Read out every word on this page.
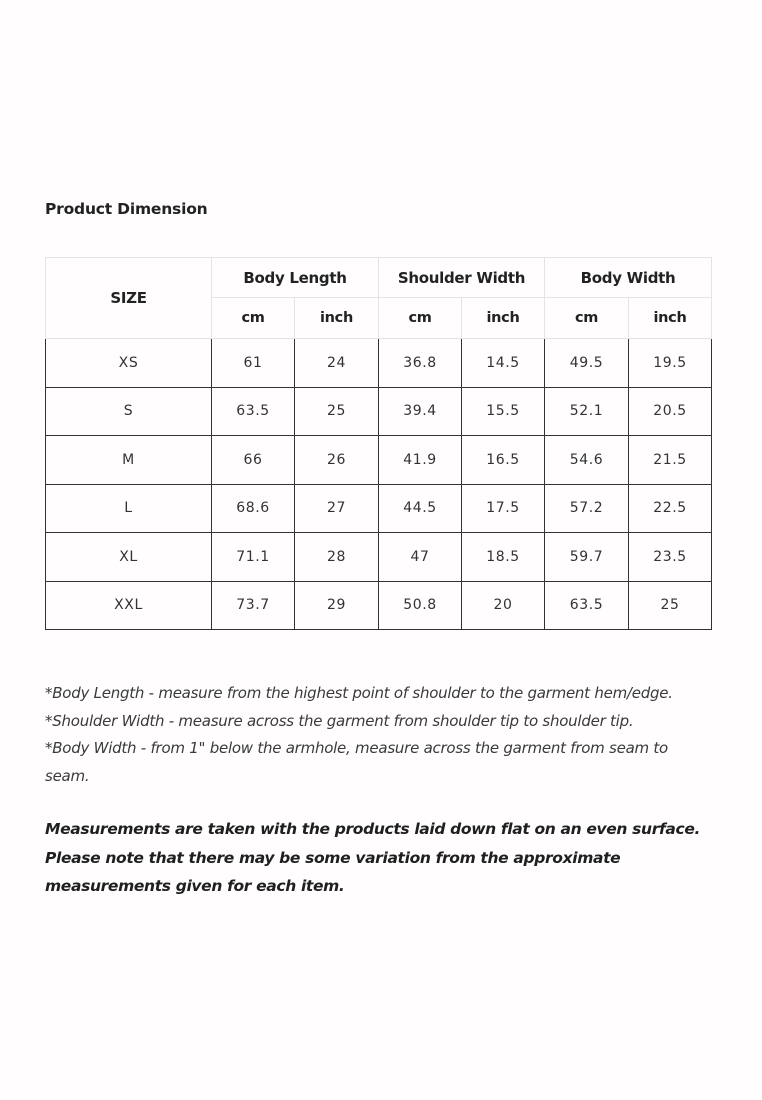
Product Dimension
SIZE	Body Length		Shoulder Width		Body Width	
	cm	inch	cm	inch	cm	inch
XS	61	24	36.8	14.5	49.5	19.5
S	63.5	25	39.4	15.5	52.1	20.5
M	66	26	41.9	16.5	54.6	21.5
L	68.6	27	44.5	17.5	57.2	22.5
XL	71.1	28	47	18.5	59.7	23.5
XXL	73.7	29	50.8	20	63.5	25
*Body Length - measure from the highest point of shoulder to the garment hem/edge.
*Shoulder Width - measure across the garment from shoulder tip to shoulder tip.
*Body Width - from 1" below the armhole, measure across the garment from seam to seam.
Measurements are taken with the products laid down flat on an even surface. Please note that there may be some variation from the approximate measurements given for each item.
